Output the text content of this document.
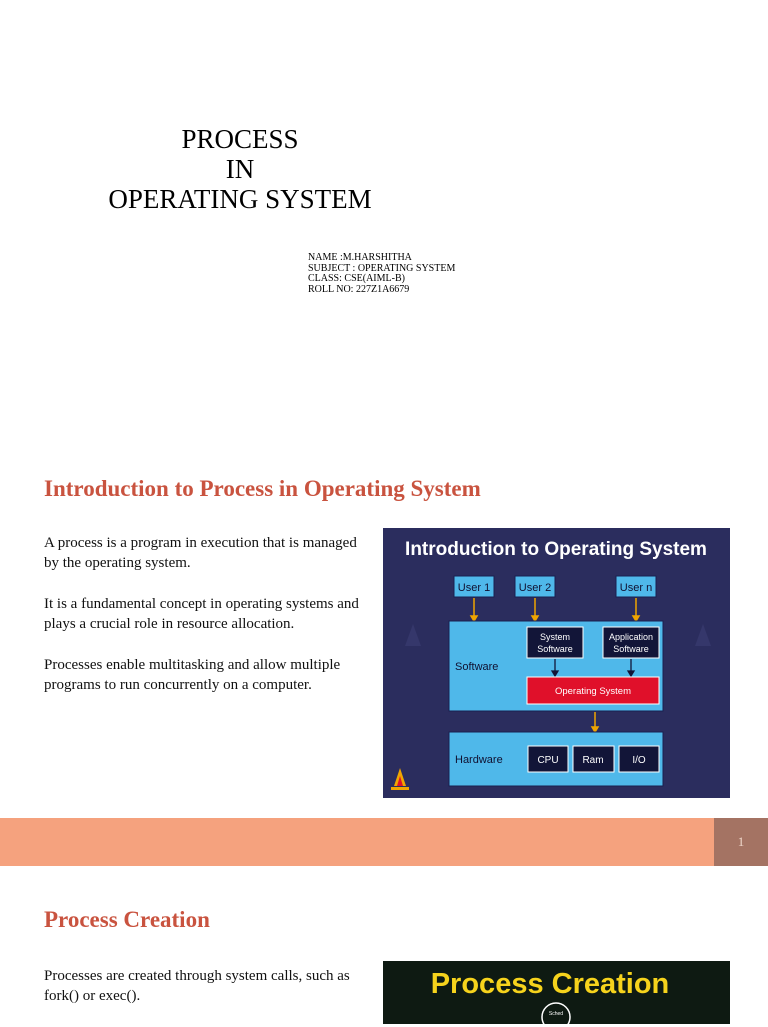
PROCESS
IN
OPERATING SYSTEM
NAME :M.HARSHITHA
SUBJECT : OPERATING SYSTEM
CLASS: CSE(AIML-B)
ROLL NO: 227Z1A6679
Introduction to Process in Operating System

A process is a program in execution that is managed by the operating system.

It is a fundamental concept in operating systems and plays a crucial role in resource allocation.

Processes enable multitasking and allow multiple programs to run concurrently on a computer.

Introduction to Operating System
User 1	User 2	User n
Software
System
Software
Application
Software
Operating System
Hardware	CPU Ram	I/O
1
Process Creation

Processes are created through system calls, such as fork() or exec().	Process Creation
Sched
